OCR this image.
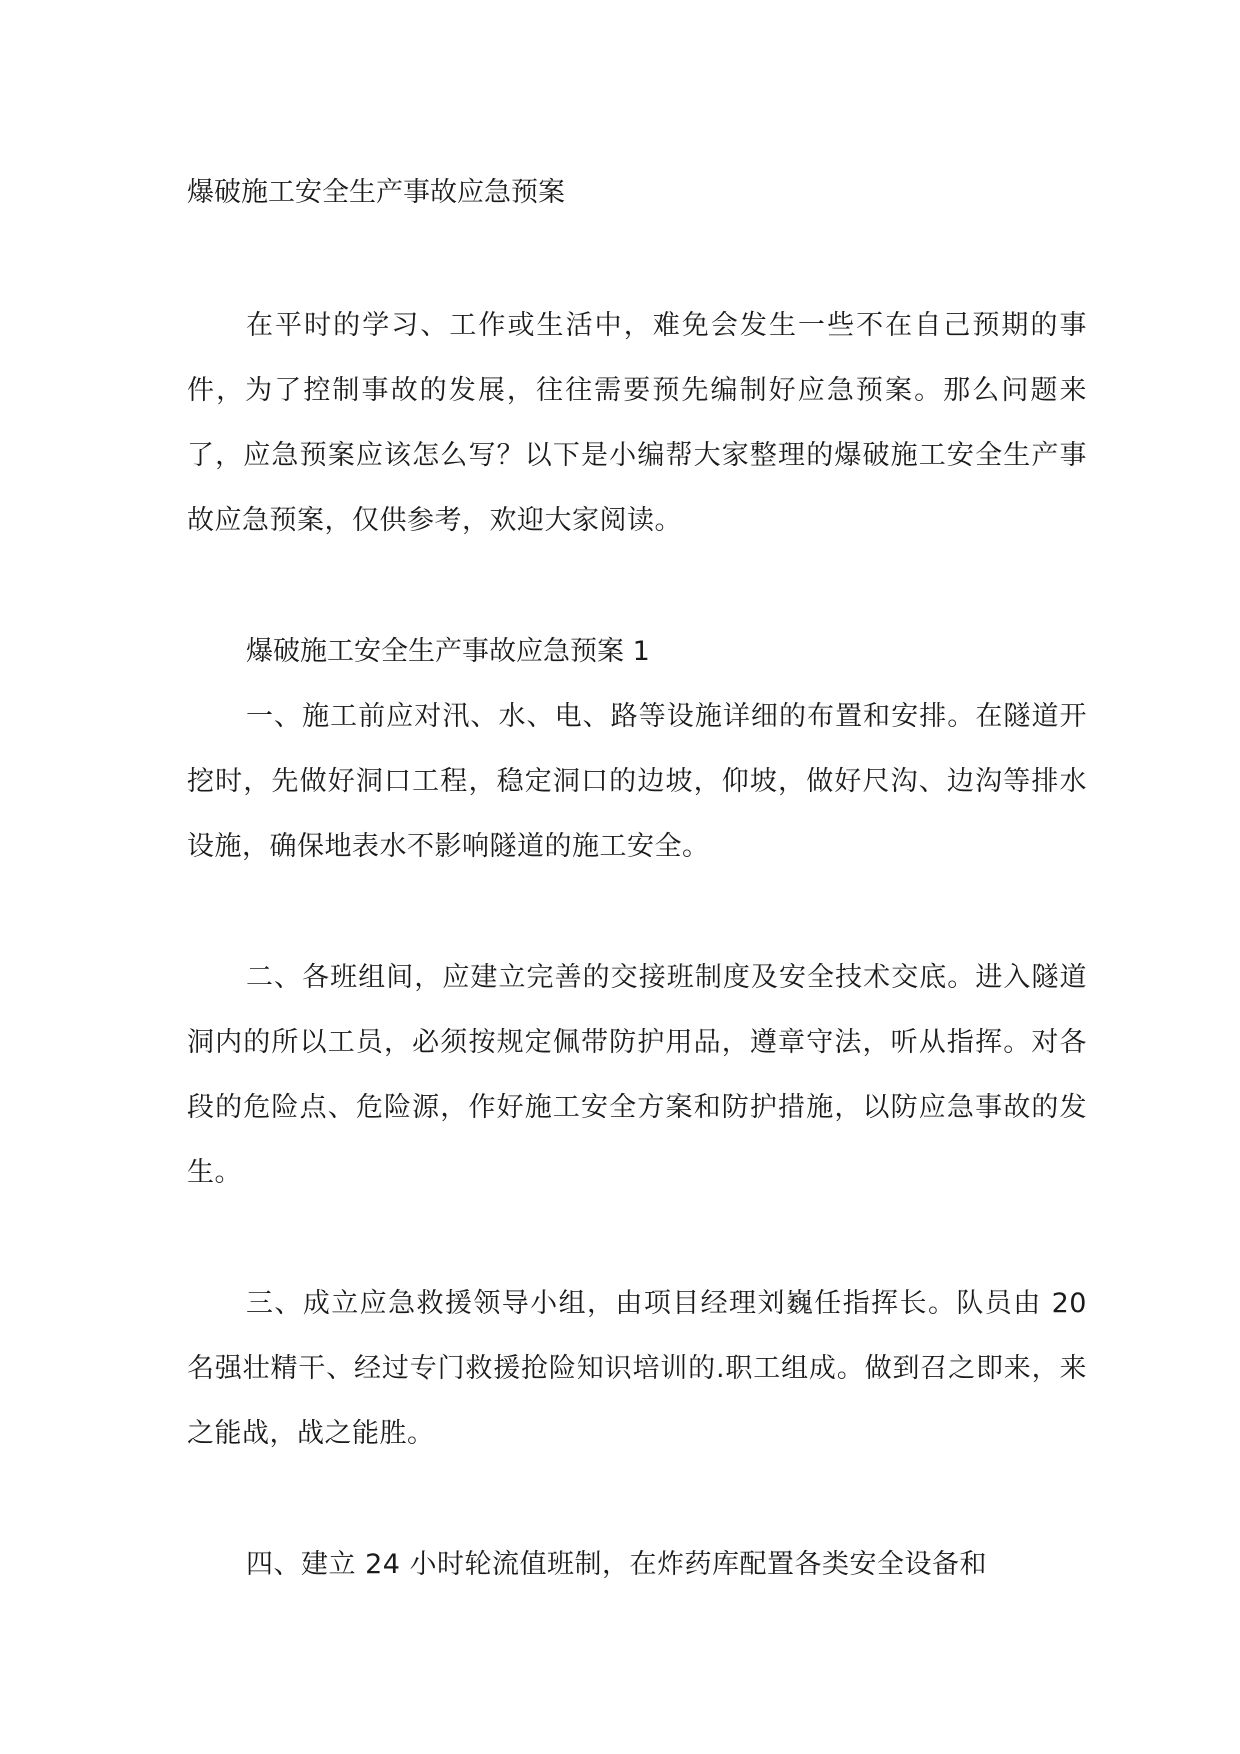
爆破施工安全生产事故应急预案

在平时的学习、工作或生活中，难免会发生一些不在自己预期的事件，为了控制事故的发展，往往需要预先编制好应急预案。那么问题来了，应急预案应该怎么写？以下是小编帮大家整理的爆破施工安全生产事故应急预案，仅供参考，欢迎大家阅读。

爆破施工安全生产事故应急预案 1

一、施工前应对汛、水、电、路等设施详细的布置和安排。在隧道开挖时，先做好洞口工程，稳定洞口的边坡，仰坡，做好尺沟、边沟等排水设施，确保地表水不影响隧道的施工安全。

二、各班组间，应建立完善的交接班制度及安全技术交底。进入隧道洞内的所以工员，必须按规定佩带防护用品，遵章守法，听从指挥。对各段的危险点、危险源，作好施工安全方案和防护措施，以防应急事故的发生。

三、成立应急救援领导小组，由项目经理刘巍任指挥长。队员由 20 名强壮精干、经过专门救援抢险知识培训的.职工组成。做到召之即来，来之能战，战之能胜。

四、建立 24 小时轮流值班制，在炸药库配置各类安全设备和
